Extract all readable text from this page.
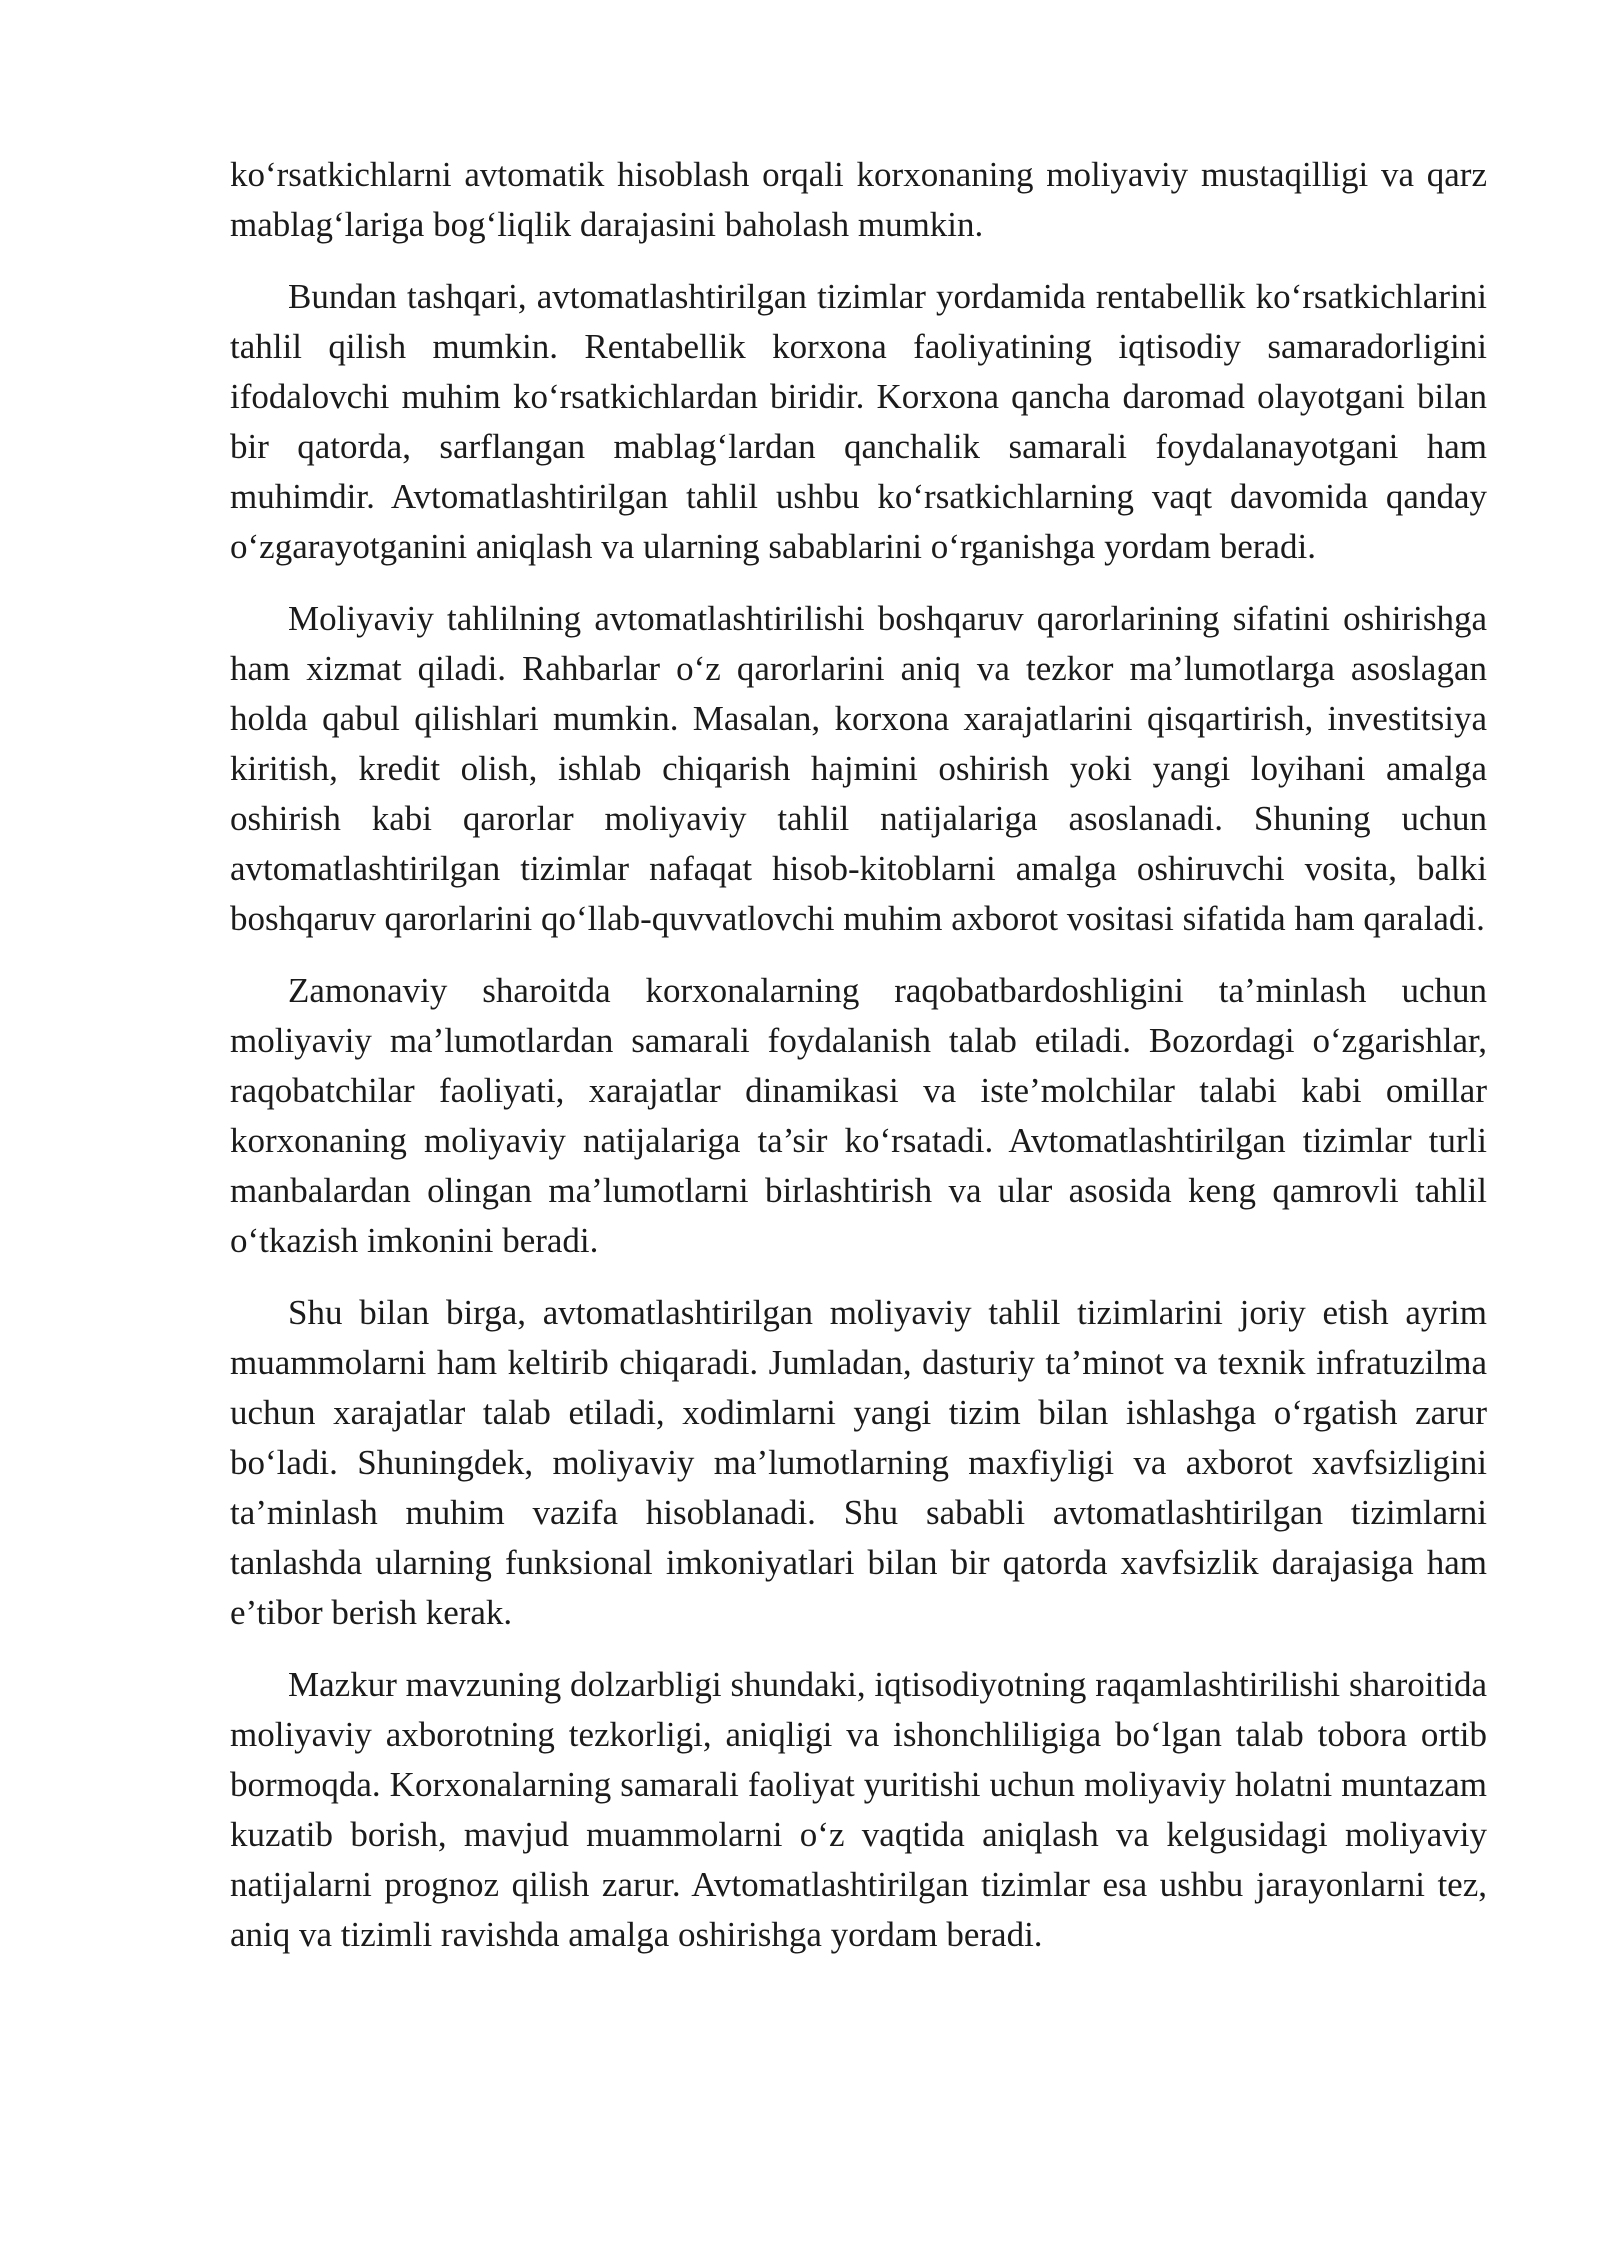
ko‘rsatkichlarni avtomatik hisoblash orqali korxonaning moliyaviy mustaqilligi va qarz mablag‘lariga bog‘liqlik darajasini baholash mumkin.

Bundan tashqari, avtomatlashtirilgan tizimlar yordamida rentabellik ko‘rsatkichlarini tahlil qilish mumkin. Rentabellik korxona faoliyatining iqtisodiy samaradorligini ifodalovchi muhim ko‘rsatkichlardan biridir. Korxona qancha daromad olayotgani bilan bir qatorda, sarflangan mablag‘lardan qanchalik samarali foydalanayotgani ham muhimdir. Avtomatlashtirilgan tahlil ushbu ko‘rsatkichlarning vaqt davomida qanday o‘zgarayotganini aniqlash va ularning sabablarini o‘rganishga yordam beradi.

Moliyaviy tahlilning avtomatlashtirilishi boshqaruv qarorlarining sifatini oshirishga ham xizmat qiladi. Rahbarlar o‘z qarorlarini aniq va tezkor ma’lumotlarga asoslagan holda qabul qilishlari mumkin. Masalan, korxona xarajatlarini qisqartirish, investitsiya kiritish, kredit olish, ishlab chiqarish hajmini oshirish yoki yangi loyihani amalga oshirish kabi qarorlar moliyaviy tahlil natijalariga asoslanadi. Shuning uchun avtomatlashtirilgan tizimlar nafaqat hisob-kitoblarni amalga oshiruvchi vosita, balki boshqaruv qarorlarini qo‘llab-quvvatlovchi muhim axborot vositasi sifatida ham qaraladi.

Zamonaviy sharoitda korxonalarning raqobatbardoshligini ta’minlash uchun moliyaviy ma’lumotlardan samarali foydalanish talab etiladi. Bozordagi o‘zgarishlar, raqobatchilar faoliyati, xarajatlar dinamikasi va iste’molchilar talabi kabi omillar korxonaning moliyaviy natijalariga ta’sir ko‘rsatadi. Avtomatlashtirilgan tizimlar turli manbalardan olingan ma’lumotlarni birlashtirish va ular asosida keng qamrovli tahlil o‘tkazish imkonini beradi.

Shu bilan birga, avtomatlashtirilgan moliyaviy tahlil tizimlarini joriy etish ayrim muammolarni ham keltirib chiqaradi. Jumladan, dasturiy ta’minot va texnik infratuzilma uchun xarajatlar talab etiladi, xodimlarni yangi tizim bilan ishlashga o‘rgatish zarur bo‘ladi. Shuningdek, moliyaviy ma’lumotlarning maxfiyligi va axborot xavfsizligini ta’minlash muhim vazifa hisoblanadi. Shu sababli avtomatlashtirilgan tizimlarni tanlashda ularning funksional imkoniyatlari bilan bir qatorda xavfsizlik darajasiga ham e’tibor berish kerak.

Mazkur mavzuning dolzarbligi shundaki, iqtisodiyotning raqamlashtirilishi sharoitida moliyaviy axborotning tezkorligi, aniqligi va ishonchliligiga bo‘lgan talab tobora ortib bormoqda. Korxonalarning samarali faoliyat yuritishi uchun moliyaviy holatni muntazam kuzatib borish, mavjud muammolarni o‘z vaqtida aniqlash va kelgusidagi moliyaviy natijalarni prognoz qilish zarur. Avtomatlashtirilgan tizimlar esa ushbu jarayonlarni tez, aniq va tizimli ravishda amalga oshirishga yordam beradi.
